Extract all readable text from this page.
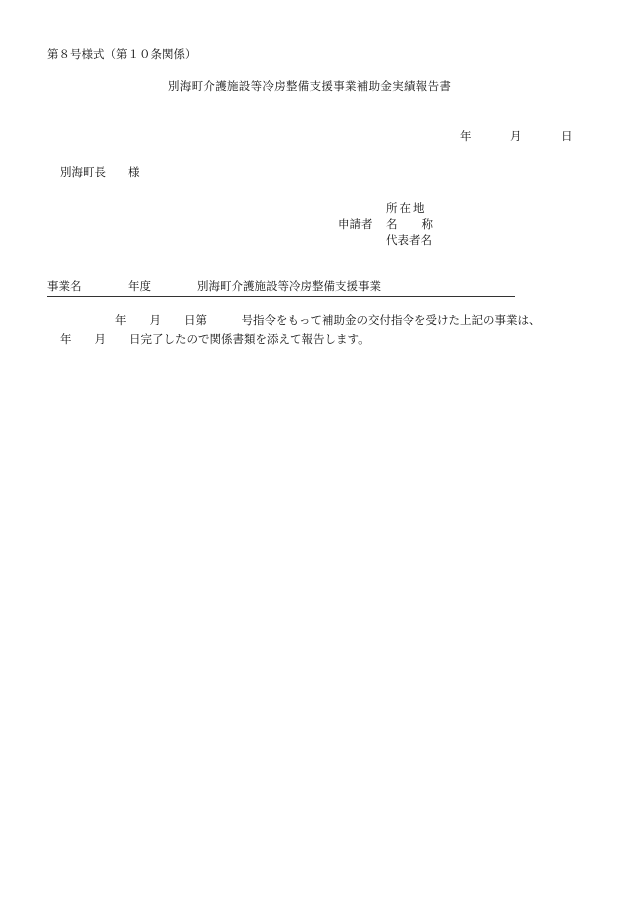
第８号様式（第１０条関係）
別海町介護施設等冷房整備支援事業補助金実績報告書
年	月	日
別海町長 様
所在地
申請者 名 称
代表者名
事業名	年度	別海町介護施設等冷房整備支援事業
年　　月　　日第　　　号指令をもって補助金の交付指令を受けた上記の事業は、
年　　月　　日完了したので関係書類を添えて報告します。
